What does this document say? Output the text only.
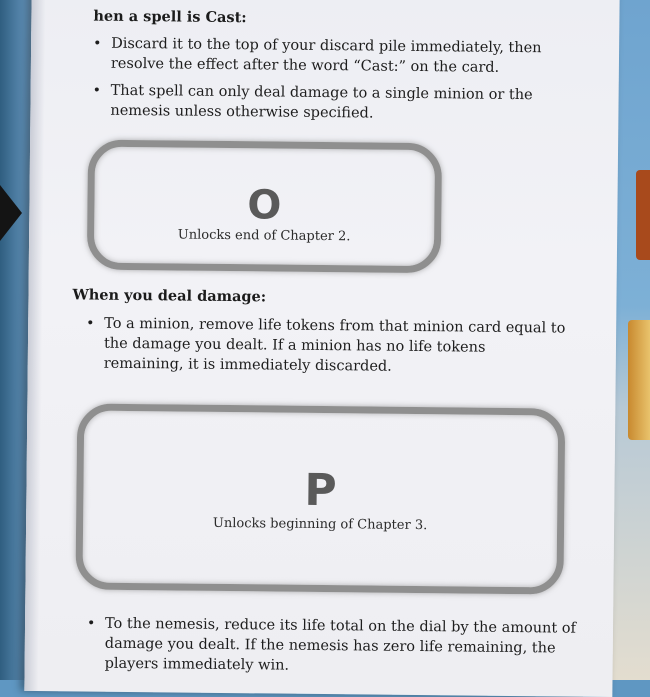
hen a spell is Cast:
• Discard it to the top of your discard pile immediately, then resolve the effect after the word “Cast:” on the card.
• That spell can only deal damage to a single minion or the nemesis unless otherwise specified.
O
Unlocks end of Chapter 2.
When you deal damage:
• To a minion, remove life tokens from that minion card equal to the damage you dealt. If a minion has no life tokens remaining, it is immediately discarded.
P
Unlocks beginning of Chapter 3.
• To the nemesis, reduce its life total on the dial by the amount of damage you dealt. If the nemesis has zero life remaining, the players immediately win.
